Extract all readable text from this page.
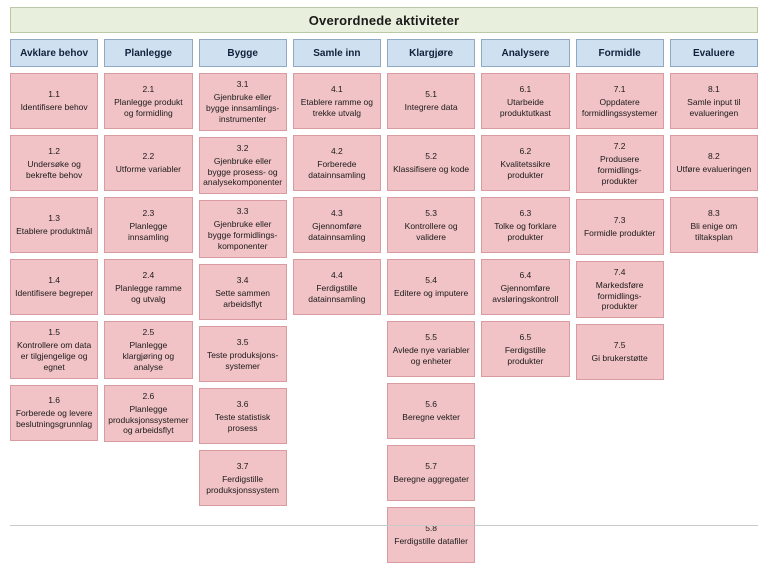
Overordnede aktiviteter
Avklare behov
1.1
Identifisere behov
1.2
Undersøke og bekrefte behov
1.3
Etablere produktmål
1.4
Identifisere begreper
1.5
Kontrollere om data er tilgjengelige og egnet
1.6
Forberede og levere beslutningsgrunnlag
Planlegge
2.1
Planlegge produkt og formidling
2.2
Utforme variabler
2.3
Planlegge innsamling
2.4
Planlegge ramme og utvalg
2.5
Planlegge klargjøring og analyse
2.6
Planlegge produksjonssystemer og arbeidsflyt
Bygge
3.1
Gjenbruke eller bygge innsamlings-instrumenter
3.2
Gjenbruke eller bygge prosess- og analysekomponenter
3.3
Gjenbruke eller bygge formidlings-komponenter
3.4
Sette sammen arbeidsflyt
3.5
Teste produksjons-systemer
3.6
Teste statistisk prosess
3.7
Ferdigstille produksjonssystem
Samle inn
4.1
Etablere ramme og trekke utvalg
4.2
Forberede datainnsamling
4.3
Gjennomføre datainnsamling
4.4
Ferdigstille datainnsamling
Klargjøre
5.1
Integrere data
5.2
Klassifisere og kode
5.3
Kontrollere og validere
5.4
Editere og imputere
5.5
Avlede nye variabler og enheter
5.6
Beregne vekter
5.7
Beregne aggregater
5.8
Ferdigstille datafiler
Analysere
6.1
Utarbeide produktutkast
6.2
Kvalitetssikre produkter
6.3
Tolke og forklare produkter
6.4
Gjennomføre avsløringskontroll
6.5
Ferdigstille produkter
Formidle
7.1
Oppdatere formidlingssystemer
7.2
Produsere formidlings-produkter
7.3
Formidle produkter
7.4
Markedsføre formidlings-produkter
7.5
Gi brukerstøtte
Evaluere
8.1
Samle input til evalueringen
8.2
Utføre evalueringen
8.3
Bli enige om tiltaksplan
